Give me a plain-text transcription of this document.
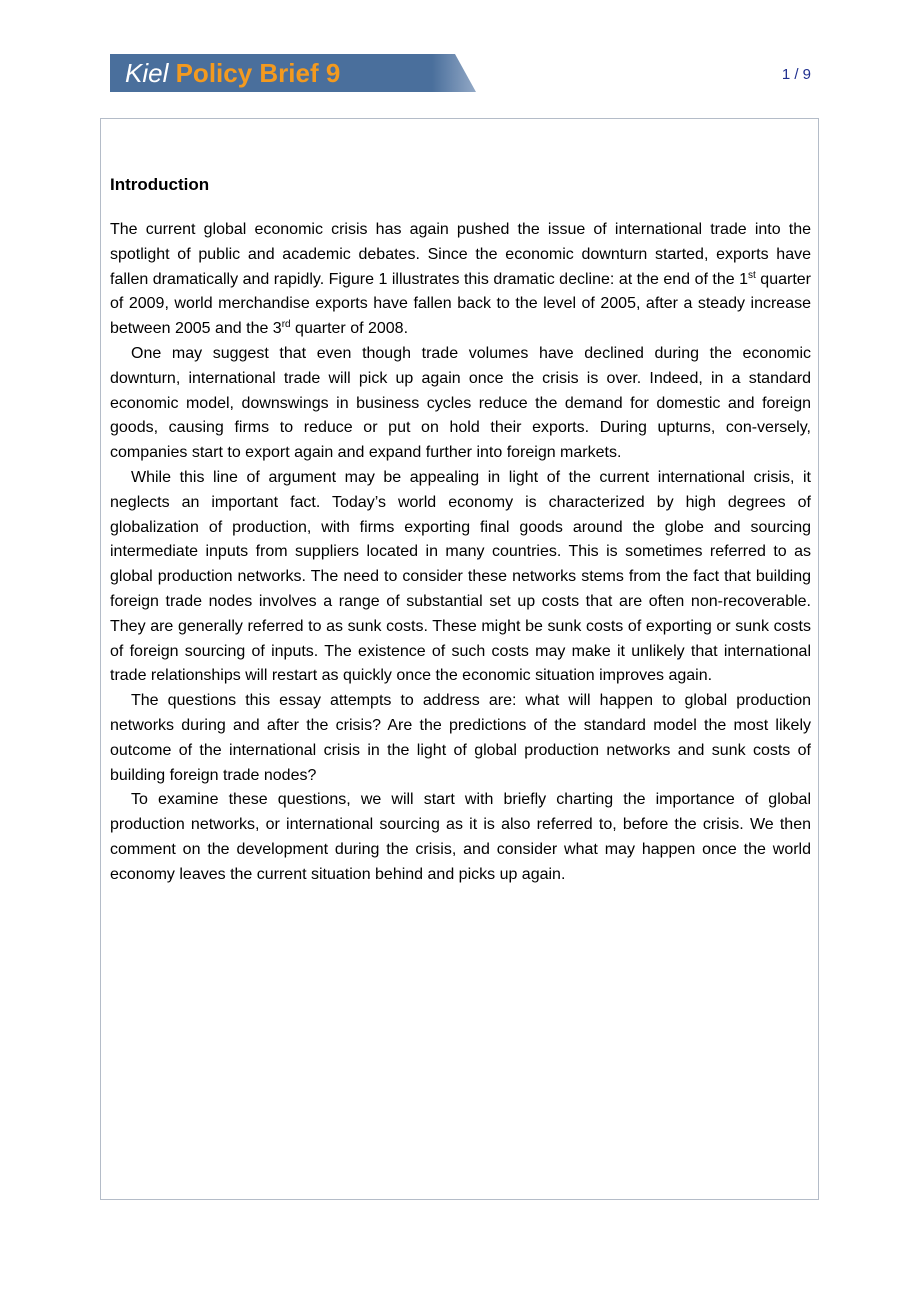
Kiel Policy Brief 9	1 / 9
Introduction

The current global economic crisis has again pushed the issue of international trade into the spotlight of public and academic debates. Since the economic downturn started, exports have fallen dramatically and rapidly. Figure 1 illustrates this dramatic decline: at the end of the 1st quarter of 2009, world merchandise exports have fallen back to the level of 2005, after a steady increase between 2005 and the 3rd quarter of 2008.

One may suggest that even though trade volumes have declined during the economic downturn, international trade will pick up again once the crisis is over. Indeed, in a standard economic model, downswings in business cycles reduce the demand for domestic and foreign goods, causing firms to reduce or put on hold their exports. During upturns, con-versely, companies start to export again and expand further into foreign markets.

While this line of argument may be appealing in light of the current international crisis, it neglects an important fact. Today’s world economy is characterized by high degrees of globalization of production, with firms exporting final goods around the globe and sourcing intermediate inputs from suppliers located in many countries. This is sometimes referred to as global production networks. The need to consider these networks stems from the fact that building foreign trade nodes involves a range of substantial set up costs that are often non-recoverable. They are generally referred to as sunk costs. These might be sunk costs of exporting or sunk costs of foreign sourcing of inputs. The existence of such costs may make it unlikely that international trade relationships will restart as quickly once the economic situation improves again.

The questions this essay attempts to address are: what will happen to global production networks during and after the crisis? Are the predictions of the standard model the most likely outcome of the international crisis in the light of global production networks and sunk costs of building foreign trade nodes?

To examine these questions, we will start with briefly charting the importance of global production networks, or international sourcing as it is also referred to, before the crisis. We then comment on the development during the crisis, and consider what may happen once the world economy leaves the current situation behind and picks up again.
